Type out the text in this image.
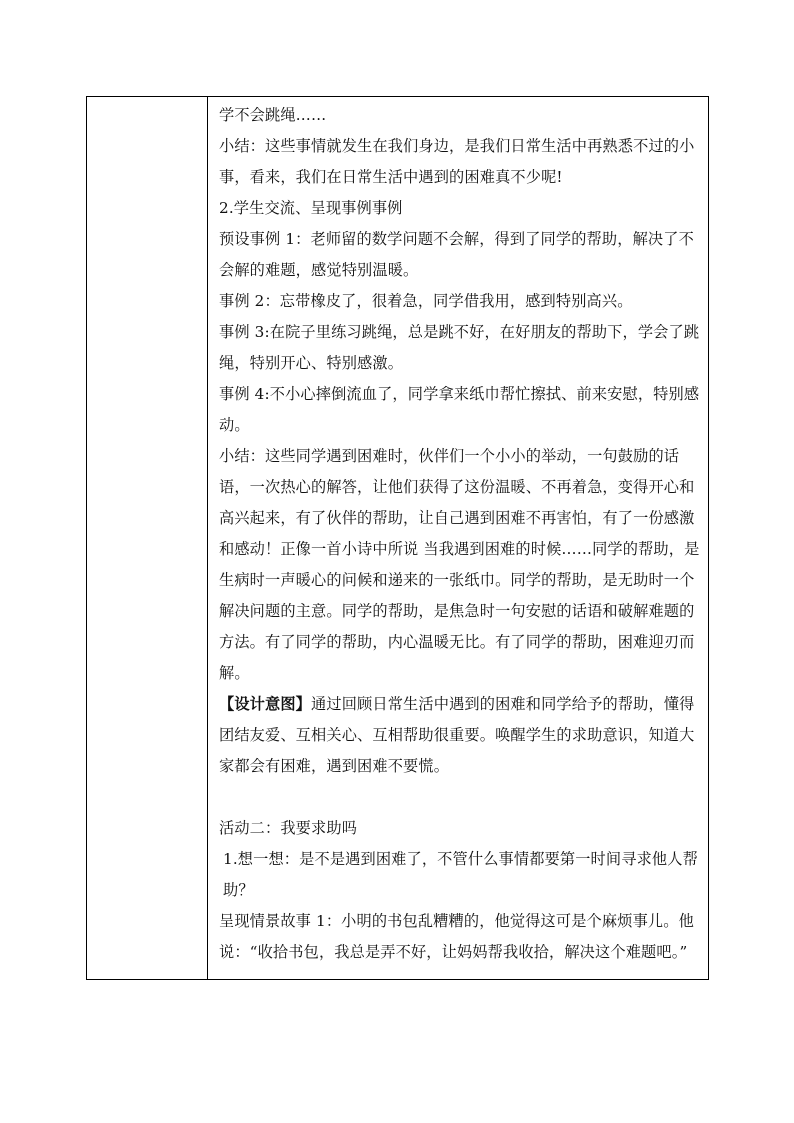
学不会跳绳……

小结：这些事情就发生在我们身边，是我们日常生活中再熟悉不过的小事，看来，我们在日常生活中遇到的困难真不少呢!

2.学生交流、呈现事例事例

预设事例 1：老师留的数学问题不会解，得到了同学的帮助，解决了不会解的难题，感觉特别温暖。

事例 2：忘带橡皮了，很着急，同学借我用，感到特别高兴。

事例 3:在院子里练习跳绳，总是跳不好，在好朋友的帮助下，学会了跳绳，特别开心、特别感激。

事例 4:不小心摔倒流血了，同学拿来纸巾帮忙擦拭、前来安慰，特别感动。

小结：这些同学遇到困难时，伙伴们一个小小的举动，一句鼓励的话语，一次热心的解答，让他们获得了这份温暖、不再着急，变得开心和高兴起来，有了伙伴的帮助，让自己遇到困难不再害怕，有了一份感激和感动！正像一首小诗中所说 当我遇到困难的时候……同学的帮助，是生病时一声暖心的问候和递来的一张纸巾。同学的帮助，是无助时一个解决问题的主意。同学的帮助，是焦急时一句安慰的话语和破解难题的方法。有了同学的帮助，内心温暖无比。有了同学的帮助，困难迎刃而解。

【设计意图】通过回顾日常生活中遇到的困难和同学给予的帮助，懂得团结友爱、互相关心、互相帮助很重要。唤醒学生的求助意识，知道大家都会有困难，遇到困难不要慌。

活动二：我要求助吗

1.想一想：是不是遇到困难了，不管什么事情都要第一时间寻求他人帮助？

呈现情景故事 1：小明的书包乱糟糟的，他觉得这可是个麻烦事儿。他说：“收拾书包，我总是弄不好，让妈妈帮我收拾，解决这个难题吧。”
